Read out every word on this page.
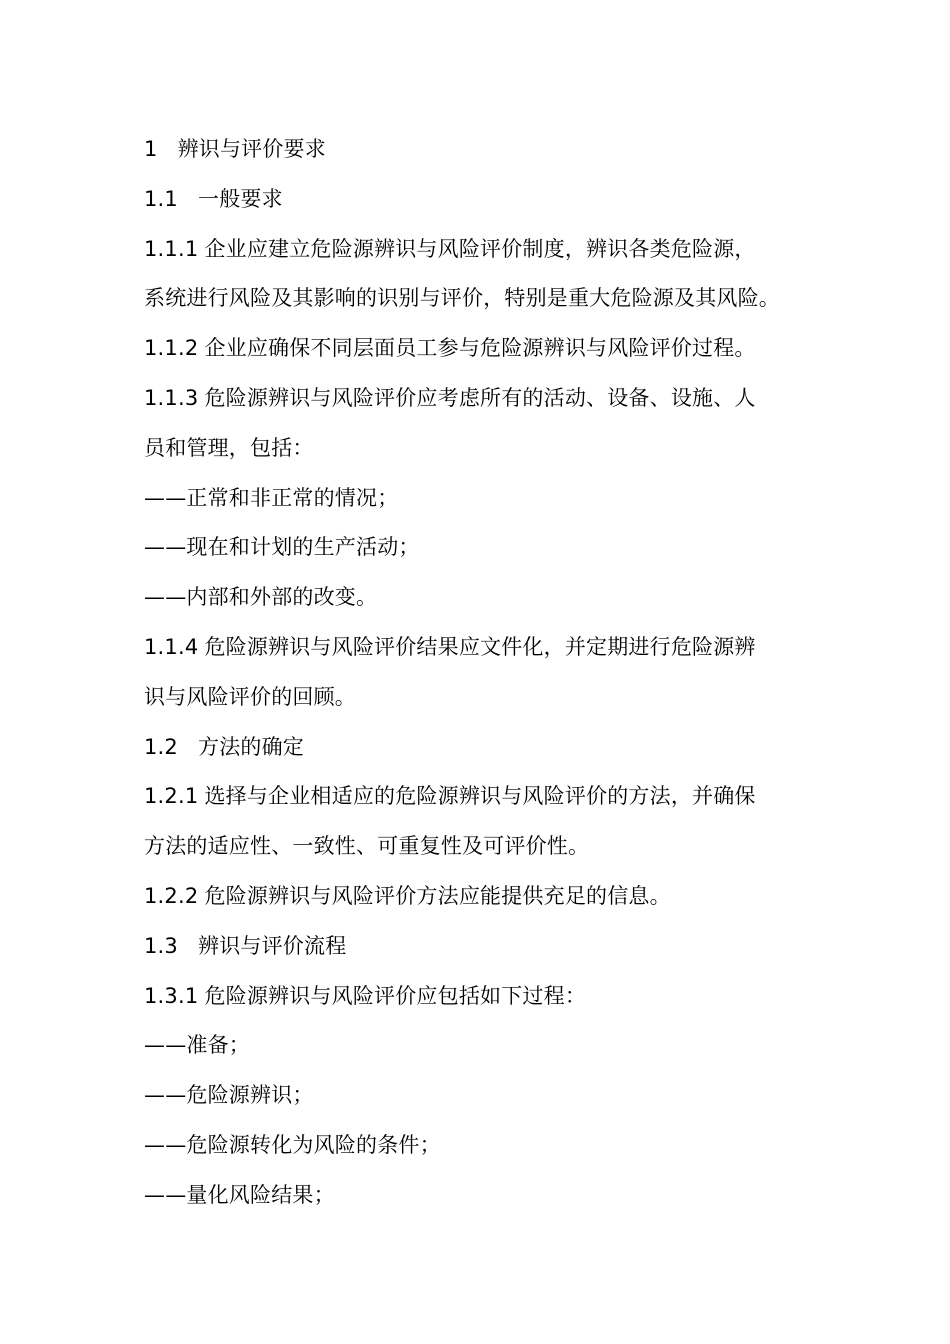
1 辨识与评价要求
1.1 一般要求
1.1.1 企业应建立危险源辨识与风险评价制度，辨识各类危险源，
系统进行风险及其影响的识别与评价，特别是重大危险源及其风险。
1.1.2 企业应确保不同层面员工参与危险源辨识与风险评价过程。
1.1.3 危险源辨识与风险评价应考虑所有的活动、设备、设施、人
员和管理，包括：
——正常和非正常的情况；
——现在和计划的生产活动；
——内部和外部的改变。
1.1.4 危险源辨识与风险评价结果应文件化，并定期进行危险源辨
识与风险评价的回顾。
1.2 方法的确定
1.2.1 选择与企业相适应的危险源辨识与风险评价的方法，并确保
方法的适应性、一致性、可重复性及可评价性。
1.2.2 危险源辨识与风险评价方法应能提供充足的信息。
1.3 辨识与评价流程
1.3.1 危险源辨识与风险评价应包括如下过程：
——准备；
——危险源辨识；
——危险源转化为风险的条件；
——量化风险结果；
